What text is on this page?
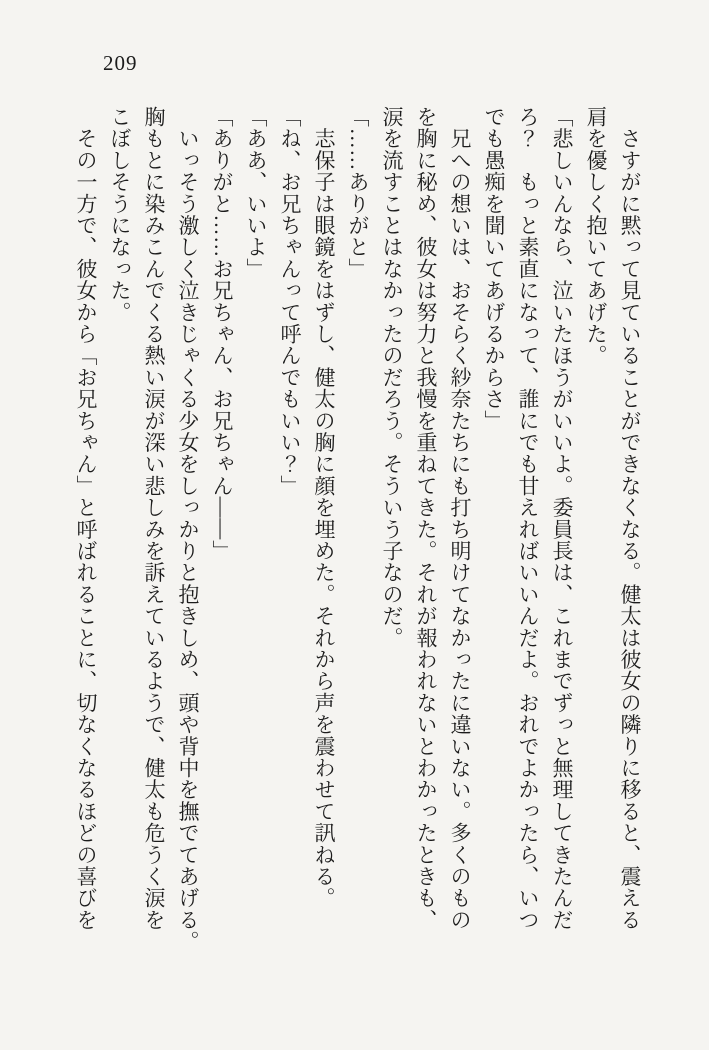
209

　さすがに黙って見ていることができなくなる。健太は彼女の隣りに移ると、震える

肩を優しく抱いてあげた。

「悲しいんなら、泣いたほうがいいよ。委員長は、これまでずっと無理してきたんだ

ろ？　もっと素直になって、誰にでも甘えればいいんだよ。おれでよかったら、いつ

でも愚痴を聞いてあげるからさ」

　兄への想いは、おそらく紗奈たちにも打ち明けてなかったに違いない。多くのもの

を胸に秘め、彼女は努力と我慢を重ねてきた。それが報われないとわかったときも、

涙を流すことはなかったのだろう。そういう子なのだ。

「……ありがと」

　志保子は眼鏡をはずし、健太の胸に顔を埋めた。それから声を震わせて訊ねる。

「ね、お兄ちゃんって呼んでもいい？」

「ああ、いいよ」

「ありがと……お兄ちゃん、お兄ちゃん――」

　いっそう激しく泣きじゃくる少女をしっかりと抱きしめ、頭や背中を撫でてあげる。

胸もとに染みこんでくる熱い涙が深い悲しみを訴えているようで、健太も危うく涙を

こぼしそうになった。

　その一方で、彼女から「お兄ちゃん」と呼ばれることに、切なくなるほどの喜びを
